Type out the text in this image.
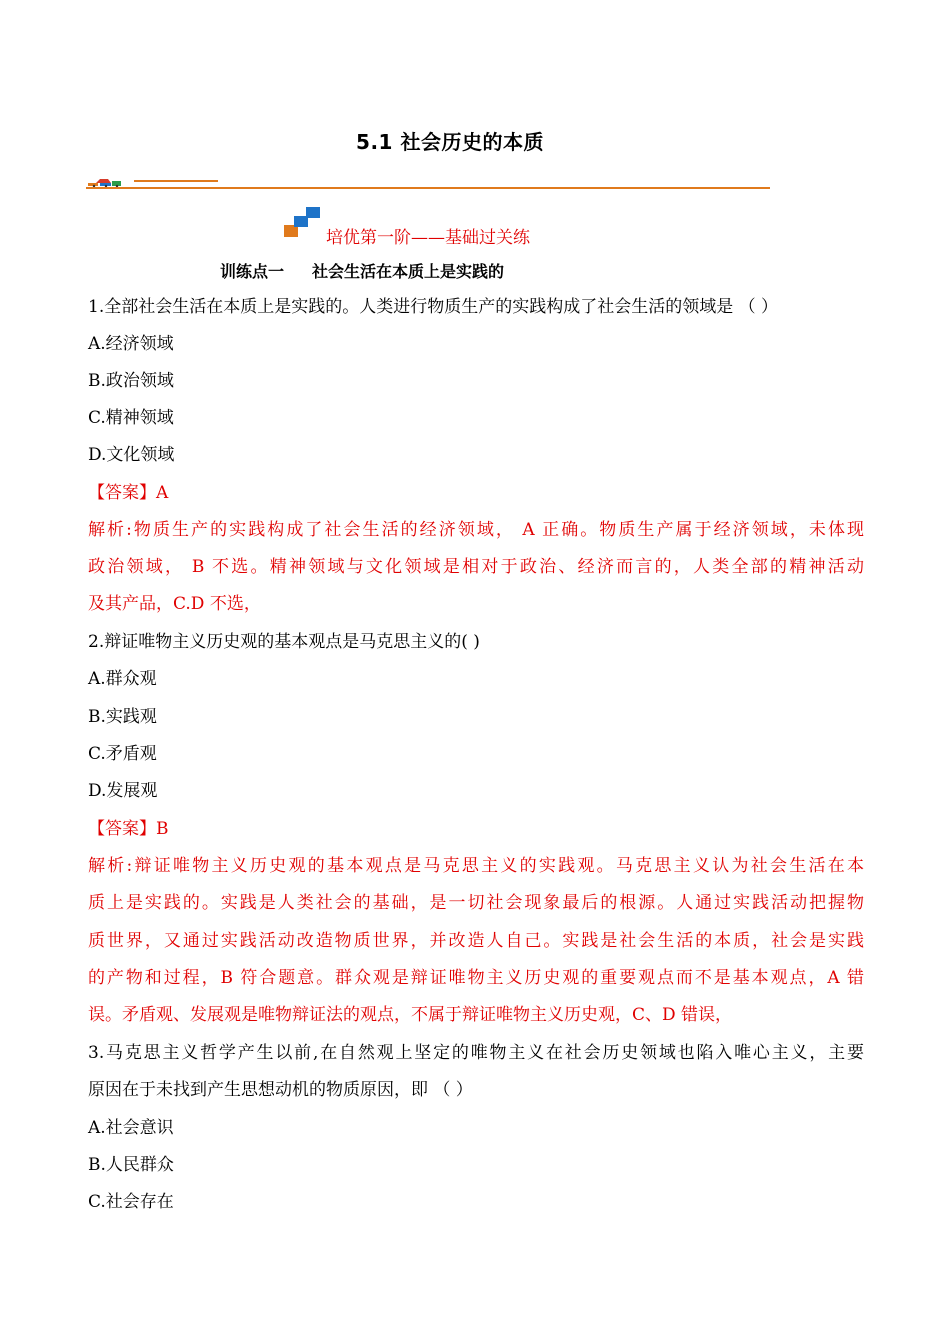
5.1 社会历史的本质
培优第一阶——基础过关练
训练点一 社会生活在本质上是实践的
1.全部社会生活在本质上是实践的。人类进行物质生产的实践构成了社会生活的领域是 （ ）
A.经济领域
B.政治领域
C.精神领域
D.文化领域
【答案】A
解析:物质生产的实践构成了社会生活的经济领域， A 正确。物质生产属于经济领域，未体现
政治领域， B 不选。精神领域与文化领域是相对于政治、经济而言的，人类全部的精神活动
及其产品，C.D 不选，
2.辩证唯物主义历史观的基本观点是马克思主义的( )
A.群众观
B.实践观
C.矛盾观
D.发展观
【答案】B
解析:辩证唯物主义历史观的基本观点是马克思主义的实践观。马克思主义认为社会生活在本
质上是实践的。实践是人类社会的基础，是一切社会现象最后的根源。人通过实践活动把握物
质世界，又通过实践活动改造物质世界，并改造人自己。实践是社会生活的本质，社会是实践
的产物和过程，B 符合题意。群众观是辩证唯物主义历史观的重要观点而不是基本观点，A 错
误。矛盾观、发展观是唯物辩证法的观点，不属于辩证唯物主义历史观，C、D 错误，
3.马克思主义哲学产生以前,在自然观上坚定的唯物主义在社会历史领域也陷入唯心主义，主要
原因在于未找到产生思想动机的物质原因，即 （ ）
A.社会意识
B.人民群众
C.社会存在
